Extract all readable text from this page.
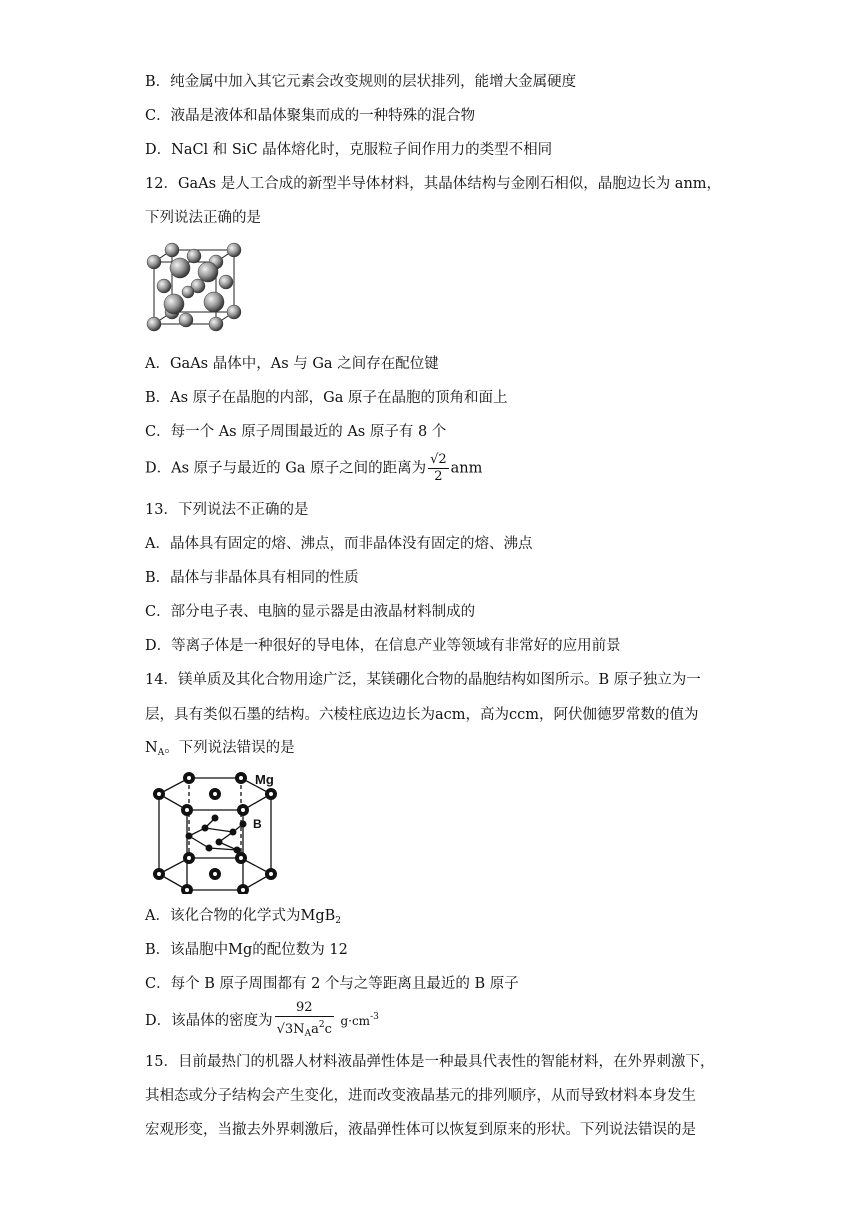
B．纯金属中加入其它元素会改变规则的层状排列，能增大金属硬度
C．液晶是液体和晶体聚集而成的一种特殊的混合物
D．NaCl 和 SiC 晶体熔化时，克服粒子间作用力的类型不相同
12．GaAs 是人工合成的新型半导体材料，其晶体结构与金刚石相似，晶胞边长为 anm，
下列说法正确的是
A．GaAs 晶体中，As 与 Ga 之间存在配位键
B．As 原子在晶胞的内部，Ga 原子在晶胞的顶角和面上
C．每一个 As 原子周围最近的 As 原子有 8 个
D．As 原子与最近的 Ga 原子之间的距离为 $\frac{√2}{2}$ anm
13．下列说法不正确的是
A．晶体具有固定的熔、沸点，而非晶体没有固定的熔、沸点
B．晶体与非晶体具有相同的性质
C．部分电子表、电脑的显示器是由液晶材料制成的
D．等离子体是一种很好的导电体，在信息产业等领域有非常好的应用前景
14．镁单质及其化合物用途广泛，某镁硼化合物的晶胞结构如图所示。B 原子独立为一
层，具有类似石墨的结构。六棱柱底边边长为acm，高为ccm，阿伏伽德罗常数的值为
$N_A$。下列说法错误的是
Mg
B
A．该化合物的化学式为MgB$_2$
B．该晶胞中Mg的配位数为 12
C．每个 B 原子周围都有 2 个与之等距离且最近的 B 原子
D．该晶体的密度为 $\frac{92}{√3N_Aa^2c} g\cdot cm^{-3}$
15．目前最热门的机器人材料液晶弹性体是一种最具代表性的智能材料，在外界刺激下，
其相态或分子结构会产生变化，进而改变液晶基元的排列顺序，从而导致材料本身发生
宏观形变，当撤去外界刺激后，液晶弹性体可以恢复到原来的形状。下列说法错误的是
